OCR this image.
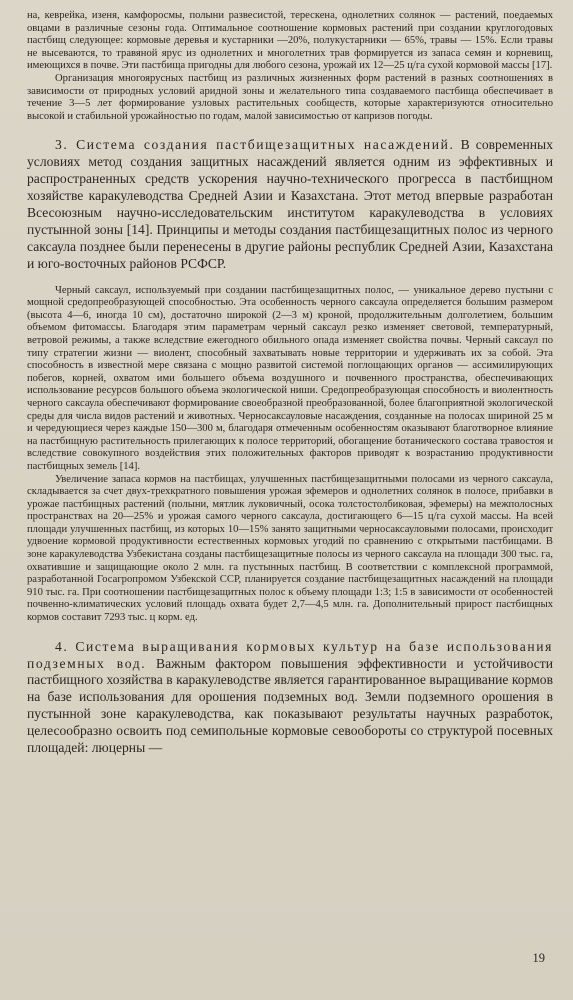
на, кеврейка, изеня, камфоросмы, полыни развесистой, терескена, однолетних солянок — растений, поедаемых овцами в различные сезоны года. Оптимальное соотношение кормовых растений при создании круглогодовых пастбищ следующее: кормовые деревья и кустарники —20%, полукустарники — 65%, травы — 15%. Если травы не высеваются, то травяной ярус из однолетних и многолетних трав формируется из запаса семян и корневищ, имеющихся в почве. Эти пастбища пригодны для любого сезона, урожай их 12—25 ц/га сухой кормовой массы [17].

Организация многоярусных пастбищ из различных жизненных форм растений в разных соотношениях в зависимости от природных условий аридной зоны и желательного типа создаваемого пастбища обеспечивает в течение 3—5 лет формирование узловых растительных сообществ, которые характеризуются относительно высокой и стабильной урожайностью по годам, малой зависимостью от капризов погоды.

3. Система создания пастбищезащитных насаждений. В современных условиях метод создания защитных насаждений является одним из эффективных и распространенных средств ускорения научно-технического прогресса в пастбищном хозяйстве каракулеводства Средней Азии и Казахстана. Этот метод впервые разработан Всесоюзным научно-исследовательским институтом каракулеводства в условиях пустынной зоны [14]. Принципы и методы создания пастбищезащитных полос из черного саксаула позднее были перенесены в другие районы республик Средней Азии, Казахстана и юго-восточных районов РСФСР.

Черный саксаул, используемый при создании пастбищезащитных полос, — уникальное дерево пустыни с мощной средопреобразующей способностью. Эта особенность черного саксаула определяется большим размером (высота 4—6, иногда 10 см), достаточно широкой (2—3 м) кроной, продолжительным долголетием, большим объемом фитомассы. Благодаря этим параметрам черный саксаул резко изменяет световой, температурный, ветровой режимы, а также вследствие ежегодного обильного опада изменяет свойства почвы. Черный саксаул по типу стратегии жизни — виолент, способный захватывать новые территории и удерживать их за собой. Эта способность в известной мере связана с мощно развитой системой поглощающих органов — ассимилирующих побегов, корней, охватом ими большего объема воздушного и почвенного пространства, обеспечивающих использование ресурсов большого объема экологической ниши. Средопреобразующая способность и виолентность черного саксаула обеспечивают формирование своеобразной преобразованной, более благоприятной экологической среды для числа видов растений и животных. Черносаксауловые насаждения, созданные на полосах шириной 25 м и чередующиеся через каждые 150—300 м, благодаря отмеченным особенностям оказывают благотворное влияние на пастбищную растительность прилегающих к полосе территорий, обогащение ботанического состава травостоя и вследствие совокупного воздействия этих положительных факторов приводят к возрастанию продуктивности пастбищных земель [14].

Увеличение запаса кормов на пастбищах, улучшенных пастбищезащитными полосами из черного саксаула, складывается за счет двух-трехкратного повышения урожая эфемеров и однолетних солянок в полосе, прибавки в урожае пастбищных растений (полыни, мятлик луковичный, осока толстостолбиковая, эфемеры) на межполосных пространствах на 20—25% и урожая самого черного саксаула, достигающего 6—15 ц/га сухой массы. На всей площади улучшенных пастбищ, из которых 10—15% занято защитными черносаксауловыми полосами, происходит удвоение кормовой продуктивности естественных кормовых угодий по сравнению с открытыми пастбищами. В зоне каракулеводства Узбекистана созданы пастбищезащитные полосы из черного саксаула на площади 300 тыс. га, охватившие и защищающие около 2 млн. га пустынных пастбищ. В соответствии с комплексной программой, разработанной Госагропромом Узбекской ССР, планируется создание пастбищезащитных насаждений на площади 910 тыс. га. При соотношении пастбищезащитных полос к объему площади 1:3; 1:5 в зависимости от особенностей почвенно-климатических условий площадь охвата будет 2,7—4,5 млн. га. Дополнительный прирост пастбищных кормов составит 7293 тыс. ц корм. ед.

4. Система выращивания кормовых культур на базе использования подземных вод. Важным фактором повышения эффективности и устойчивости пастбищного хозяйства в каракулеводстве является гарантированное выращивание кормов на базе использования для орошения подземных вод. Земли подземного орошения в пустынной зоне каракулеводства, как показывают результаты научных разработок, целесообразно освоить под семипольные кормовые севообороты со структурой посевных площадей: люцерны —

19
